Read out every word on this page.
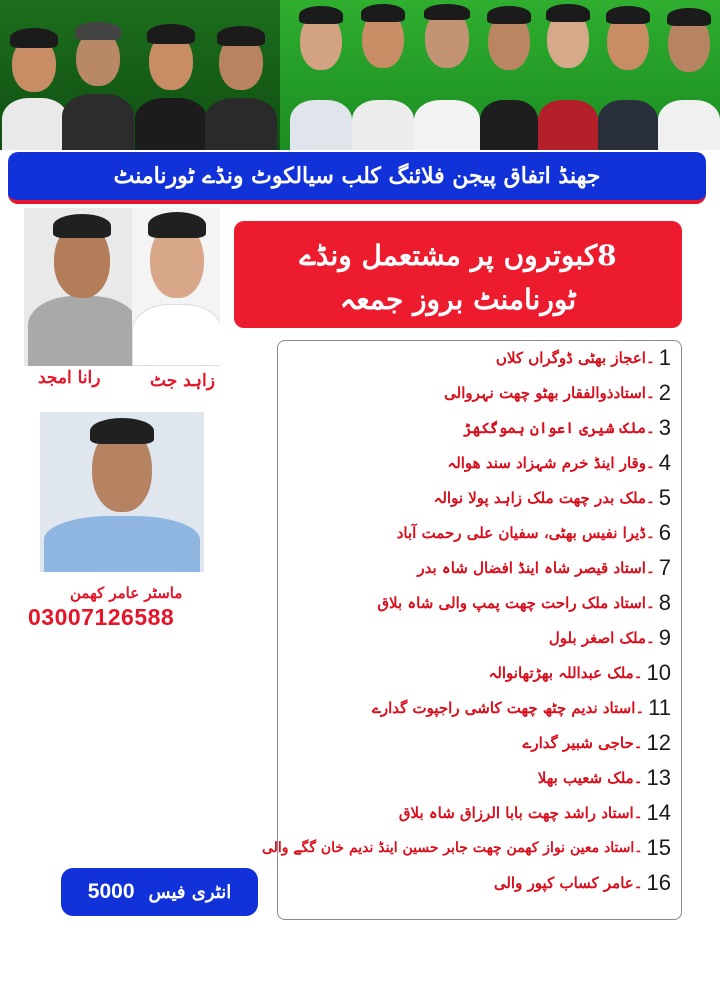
جهنڈ اتفاق پیجن فلائنگ کلب سیالکوٹ ونڈے ٹورنامنٹ
رانا امجد	زاہد جٹ
ماسٹر عامر کھمن
03007126588
8کبوتروں پر مشتعمل ونڈے
ٹورنامنٹ بروز جمعہ
1
۔اعجاز بھٹی ڈوگراں کلاں
2
۔استادذوالفقار بھٹو چھت نہروالی
3
۔ملک شیری اعوان ہموگکھڑ
4
۔وقار اینڈ خرم شہزاد سند ھوالہ
5
۔ملک بدر چھت ملک زاہد پولا نوالہ
6
۔ڈیرا نفیس بھٹی، سفیان علی رحمت آباد
7
۔استاد قیصر شاہ اینڈ افضال شاہ بدر
8
۔استاد ملک راحت چھت پمپ والی شاہ بلاق
9
۔ملک اصغر بلول
10
۔ملک عبداللہ بھڑتھانوالہ
11
۔استاد ندیم چٹھ چھت کاشی راجپوت گدارے
12
۔حاجی شبیر گدارے
13
۔ملک شعیب بھلا
14
۔استاد راشد چھت بابا الرزاق شاہ بلاق
15
۔استاد معین نواز کھمن چھت جابر حسین اینڈ ندیم خان گگے والی
16
۔عامر کساب کپور والی
انٹری فیس
5000
